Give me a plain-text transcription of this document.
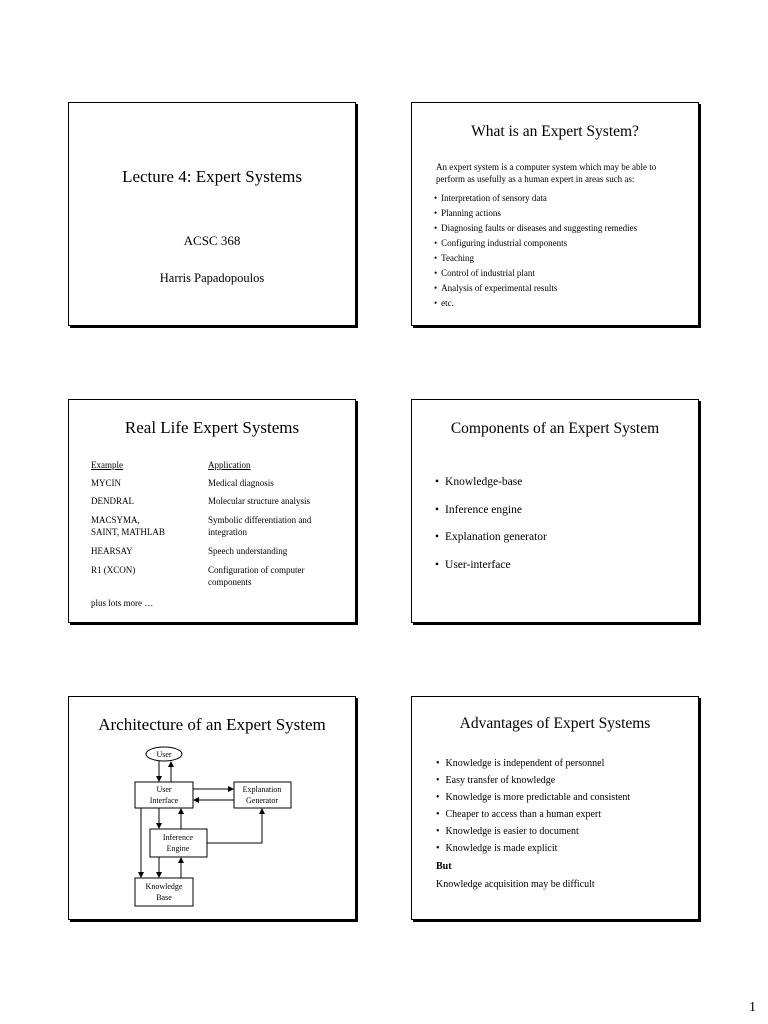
Lecture 4: Expert Systems
ACSC 368
Harris Papadopoulos
What is an Expert System?
An expert system is a computer system which may be able to perform as usefully as a human expert in areas such as:
• Interpretation of sensory data
• Planning actions
• Diagnosing faults or diseases and suggesting remedies
• Configuring industrial components
• Teaching
• Control of industrial plant
• Analysis of experimental results
• etc.
Real Life Expert Systems
Example	Application
MYCIN	Medical diagnosis
DENDRAL	Molecular structure analysis
MACSYMA,	Symbolic differentiation and
SAINT, MATHLAB	integration
HEARSAY	Speech understanding
R1 (XCON)	Configuration of computer
components
plus lots more …
Components of an Expert System
• Knowledge-base
• Inference engine
• Explanation generator
• User-interface
Architecture of an Expert System
User
User
Interface
Explanation
Generator
Inference
Engine
Knowledge
Base
Advantages of Expert Systems
• Knowledge is independent of personnel
• Easy transfer of knowledge
• Knowledge is more predictable and consistent
• Cheaper to access than a human expert
• Knowledge is easier to document
• Knowledge is made explicit
But
Knowledge acquisition may be difficult
1
